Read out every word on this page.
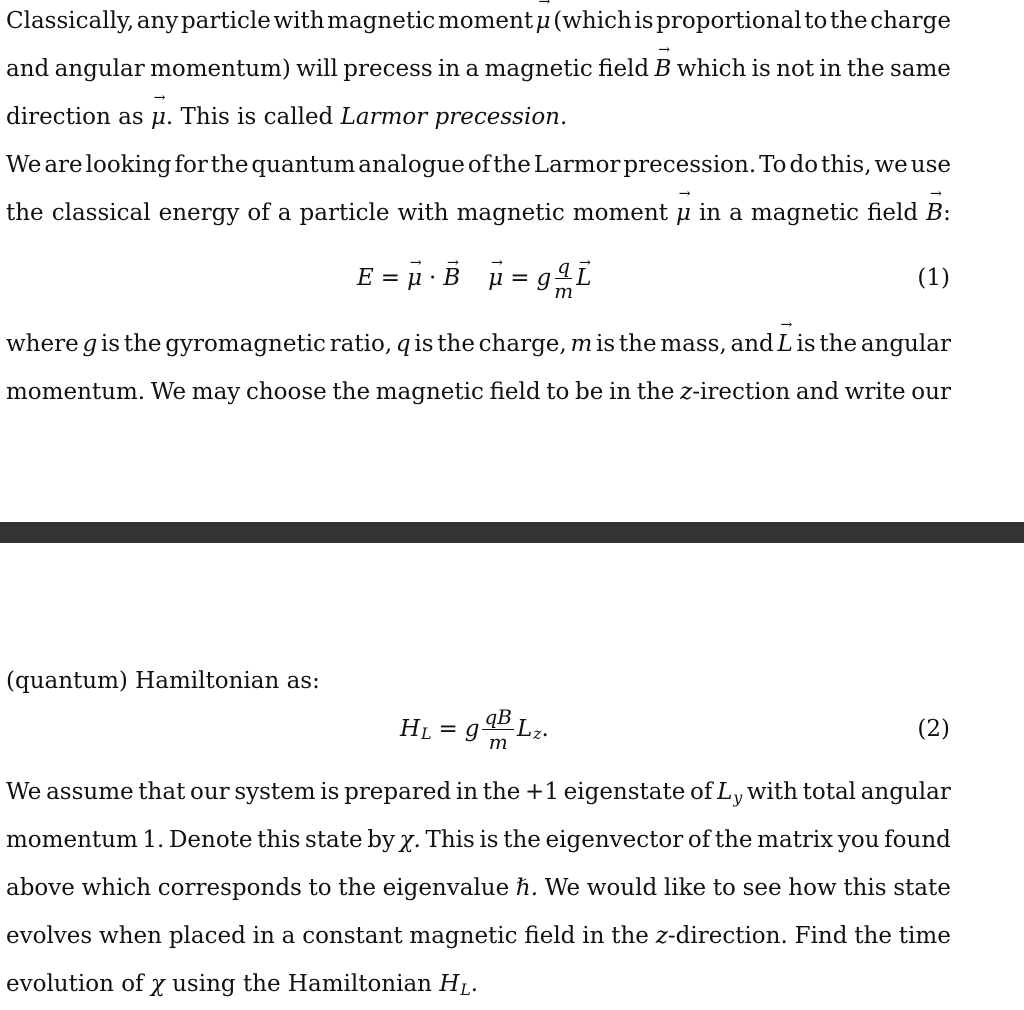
Classically, any particle with magnetic moment μ → (which is proportional to the charge
and angular momentum) will precess in a magnetic field B → which is not in the same
direction as μ →. This is called Larmor precession.
We are looking for the quantum analogue of the Larmor precession. To do this, we use
the classical energy of a particle with magnetic moment μ → in a magnetic field B →:
E = μ → · B → μ → = g $\frac{q}{m}$ L →	(1)
where g is the gyromagnetic ratio, q is the charge, m is the mass, and L → is the angular
momentum. We may choose the magnetic field to be in the z-irection and write our
(quantum) Hamiltonian as:
H L = g $\frac{qB}{m}$ L z .	(2)
We assume that our system is prepared in the +1 eigenstate of Ly with total angular
momentum 1. Denote this state by χ. This is the eigenvector of the matrix you found
above which corresponds to the eigenvalue ℏ. We would like to see how this state
evolves when placed in a constant magnetic field in the z-direction. Find the time
evolution of χ using the Hamiltonian HL.
